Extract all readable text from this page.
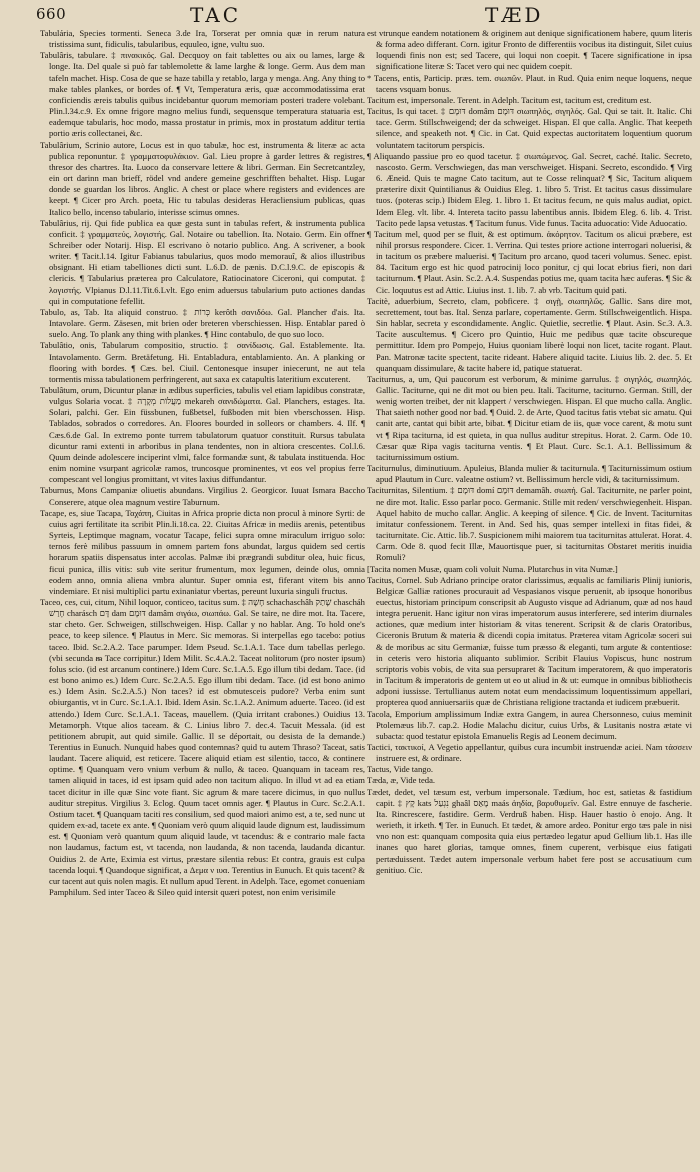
660	TAC	TÆD

Tabulária, Species tormenti. Seneca 3.de Ira, Torserat per omnia quæ in rerum natura tristissima sunt, fidiculis, tabularibus, equuleo, igne, vultu suo.

Tabulâris, tabulare. ‡ πινακικός. Gal. Decquoy on fait tablettes ou aix ou lames, large & longe. Ita. Del quale si può far tablemolette & lame larghe & longe. Germ. Aus dem man tafeln machet. Hisp. Cosa de que se haze tabilla y retablo, larga y menga. Ang. Any thing to make tables plankes, or bordes of. ¶ Vt, Temperatura æris, quæ accommodatissima erat conficiendis æreis tabulis quibus incidebantur quorum memoriam posteri tradere volebant. Plin.l.34.c.9. Ex omne frigore magno melius fundi, sequensque temperatura statuaria est, eademque tabularis, hoc modo, massa prostatur in primis, mox in prostatum additur tertia portio æris collectanei, &c.

Tabulârium, Scrinio autore, Locus est in quo tabulæ, hoc est, instrumenta & literæ ac acta publica reponuntur. ‡ γραμματοφυλάκιον. Gal. Lieu propre à garder lettres & registres, thresor des chartres. Ita. Luoco da conservare lettere & libri. German. Ein Secretcantzley, ein ort darinn man brieff, rödel vnd andere gemeine geschrifften behaltet. Hisp. Lugar donde se guardan los libros. Anglic. A chest or place where registers and evidences are keept. ¶ Cicer pro Arch. poeta, Hic tu tabulas desideras Heracliensium publicas, quas Italico bello, incenso tabulario, interisse scimus omnes.

Tabulârius, rij. Qui fide publica ea quæ gesta sunt in tabulas refert, & instrumenta publica conficit. ‡ γραμματεύς, λογιστής. Gal. Notaire ou tabellion. Ita. Notaio. Germ. Ein offner Schreiber oder Notarij. Hisp. El escrivano ò notario publico. Ang. A scrivener, a book writer. ¶ Tacit.l.14. Igitur Fabianus tabularius, quos modo memorauî, & alios illustribus obsignant. Hi etiam tabelliones dicti sunt. L.6.D. de pænis. D.C.l.9.C. de episcopis & clericis. ¶ Tabularius præterea pro Calculatore, Ratiocinatore Ciceroni, qui computat. ‡ λογιστής. Vlpianus D.l.11.Tit.6.Lvlt. Ego enim aduersus tabularium puto actiones dandas qui in computatione fefellit.

Tabulo, as, Tab. Ita aliquid construo. ‡ כְּרוֹת kerôth σανιδόω. Gal. Plancher d'ais. Ita. Intavolare. Germ. Zäsesen, mit brien oder breteren vberschiessen. Hisp. Entablar pared ò suelo. Ang. To plank any thing with plankes. ¶ Hinc contabulo, de quo suo loco.

Tabulâtio, onis, Tabularum compositio, structio. ‡ σανίδωσις. Gal. Establemente. Ita. Intavolamento. Germ. Bretäfetung. Hi. Entabladura, entablamiento. An. A planking or flooring with bordes. ¶ Cæs. bel. Ciuil. Centonesque insuper iniecerunt, ne aut tela tormentis missa tabulationem perfringerent, aut saxa ex catapultis lateritium excuterent.

Tabulâtum, orum, Dicuntur planæ in ædibus superficies, tabulis vel etiam lapidibus constratæ, vulgus Solaria vocat. ‡ מַעֲלוֹת מְקָרָה mekareh σανιδώματα. Gal. Planchers, estages. Ita. Solari, palchi. Ger. Ein füssbunen, fußbetsel, fußboden mit bien vberschossen. Hisp. Tablados, sobrados o corredores. An. Floores bourded in solleors or chambers. 4. Ilf. ¶ Cæs.6.de Gal. In extremo ponte turrem tabulatorum quatuor constituit. Rursus tabulata dicuntur rami extenti in arboribus in plana tendentes, non in altiora crescentes. Col.l.6. Quum deinde adolescere inciperint vlmi, falce formandæ sunt, & tabulata instituenda. Hoc enim nomine vsurpant agricolæ ramos, truncosque prominentes, vt eos vel propius ferre compescant vel longius promittant, vt vites laxius diffundantur.

Taburnus, Mons Campaniæ oliuetis abundans. Virgilius 2. Georgicor. Iuuat Ismara Baccho Conserere, atque olea magnum vestire Taburnum.

Tacape, es, siue Tacapa, Ταχάπη, Ciuitas in Africa proprie dicta non procul à minore Syrti: de cuius agri fertilitate ita scribit Plin.li.18.ca. 22. Ciuitas Africæ in mediis arenis, petentibus Syrteis, Leptimque magnam, vocatur Tacape, felici supra omne miraculum irriguo solo: ternos ferè milibus passuum in omnem partem fons abundat, largus quidem sed certis horarum spatiis dispensatus inter accolas. Palmæ ibi prægrandi subditur olea, huic ficus, ficui punica, illis vitis: sub vite seritur frumentum, mox legumen, deinde olus, omnia eodem anno, omnia aliena vmbra aluntur. Super omnia est, fiferant vitem bis anno vindemiare. Et nisi multiplici partu exinaniatur vbertas, pereunt luxuria singuli fructus.

Taceo, ces, cui, citum, Nihil loquor, conticeo, tacitus sum. ‡ חָשָׁה schachaschâh שָׁתַק chascháh חָרַשׁ charásch דָּם dam דּוּמָם damâm σιγάω, σιωπάω. Gal. Se taire, ne dire mot. Ita. Tacere, star cheto. Ger. Schweigen, stillschweigen. Hisp. Callar y no hablar. Ang. To hold one's peace, to keep silence. ¶ Plautus in Merc. Sic memoras. Si interpellas ego tacebo: potius taceo. Ibid. Sc.2.A.2. Tace parumper. Idem Pseud. Sc.1.A.1. Tace dum tabellas perlego. (vbi secunda ᵯ Tace corripitur.) Idem Milit. Sc.4.A.2. Taceat nolitorum (pro noster ipsum) folus scio. (id est arcanum continere.) Idem Curc. Sc.1.A.5. Ego illum tibi dedam. Tace. (id est bono animo es.) Idem Curc. Sc.2.A.5. Ego illum tibi dedam. Tace. (id est bono animo es.) Idem Asin. Sc.2.A.5.) Non taces? id est obmutesceis pudore? Verba enim sunt obiurgantis, vt in Curc. Sc.1.A.1. Ibid. Idem Asin. Sc.1.A.2. Animum aduerte. Taceo. (id est attendo.) Idem Curc. Sc.1.A.1. Taceas, mauellem. (Quia irritant crabones.) Ouidius 13. Metamorph. Vtque alios taceam. & C. Linius libro 7. dec.4. Tacuit Messala. (id est petitionem abrupit, aut quid simile. Gallic. Il se déportait, ou desista de la demande.) Terentius in Eunuch. Nunquid habes quod contemnas? quid tu autem Thraso? Taceat, satis laudant. Tacere aliquid, est reticere. Tacere aliquid etiam est silentio, tacco, & continere optime. ¶ Quanquam vero vnium verbum & nullo, & taceo. Quanquam in taceam res, tamen aliquid in taces, id est ipsam quid adeo non tacitum aliquo. In illud vt ad ea etiam tacet dicitur in ille quæ Sinc vote fiant. Sic agrum & mare tacere dicimus, in quo nullus auditur strepitus. Virgilius 3. Eclog. Quum tacet omnis ager. ¶ Plautus in Curc. Sc.2.A.1. Ostium tacet. ¶ Quanquam taciti res consilium, sed quod maiori animo est, a te, sed nunc ut quidem ex-ad, tacete ex ante. ¶ Quoniam verò quum aliquid laude dignum est, laudissimum est. ¶ Quoniam verò quantum quum aliquid laude, vt tacendus: & e contrario male facta non laudamus, factum est, vt tacenda, non laudanda, & non tacenda, laudanda dicantur. Ouidius 2. de Arte, Eximia est virtus, præstare silentia rebus: Et contra, grauis est culpa tacenda loqui. ¶ Quandoque significat, a Δεμα ν ιυα. Terentius in Eunuch. Et quis tacent? & cur tacent aut quis nolen magis. Et nullum apud Terent. in Adelph. Tace, egomet conueniam Pamphilum. Sed inter Taceo & Sileo quid intersit quæri potest, non enim verisimile

est vtrunque eandem notationem & originem aut denique significationem habere, quum literis & forma adeo differant. Corn. igitur Fronto de differentiis vocibus ita distinguit, Silet cuius loquendi finis non est; sed Tacere, qui loqui non coepit. ¶ Tacere significatione in ipsa significatione literæ S: Tacet vero qui nec quidem coepit.

* Tacens, entis, Particip. præs. tem. σιωπῶν. Plaut. in Rud. Quia enim neque loquens, neque tacens vsquam bonus.

Tacitum est, impersonale. Terent. in Adelph. Tacitum est, tacitum est, creditum est.

Tacitus, Is qui tacet. ‡ דּוּמָם domâm דּוּמָם σιωπηλός, σιγηλός. Gal. Qui se tait. It. Italic. Chi tace. Germ. Stillschweigend; der da schweiget. Hispan. El que calla. Anglic. That keepeth silence, and speaketh not. ¶ Cic. in Cat. Quid expectas auctoritatem loquentium quorum voluntatem tacitorum perspicis.

¶ Aliquando passiue pro eo quod tacetur. ‡ σιωπώμενος. Gal. Secret, caché. Italic. Secreto, nascosto. Germ. Verschwiegen, das man verschweiget. Hispani. Secreto, escondido. ¶ Virg 6. Æneid. Quis te magne Cato tacitum, aut te Cosse relinquat? ¶ Sic, Tacitum aliquem præterire dixit Quintilianus & Ouidius Eleg. 1. libro 5. Trist. Et tacitus casus dissimulare tuos. (poteras scip.) Ibidem Eleg. 1. libro 1. Et tacitus fecum, ne quis malus audiat, opict. Idem Eleg. vlt. libr. 4. Intereta tacito passu labentibus annis. Ibidem Eleg. 6. lib. 4. Trist. Tacito pede lapsa vetustas. ¶ Tacitum funus. Vide funus. Tacita aduocatio: Vide Aduocatio.

¶ Tacitum mel, quod per se fluit, & est optimum. ἀκόρητον. Tacitum os alicui præbere, est nihil prorsus respondere. Cicer. 1. Verrina. Qui testes priore actione interrogari noluerisi, & in tacitum os præbere maluerisi. ¶ Tacitum pro arcano, quod taceri volumus. Senec. epist. 84. Tacitum ergo est hic quod patrocinij loco ponitur, cj qui locat ebrius fieri, non dari taciturnum. ¶ Plaut. Asin. Sc.2. A.4. Suspendas potius me, quam tacita hæc auferas. ¶ Sic & Cic. loquutus est ad Attic. Liuius inst. 1. lib. 7. ab vrb. Tacitum quid pati.

Tacitè, aduerbium, Secreto, clam, pobficere. ‡ σιγῇ, σιωπηλῶς. Gallic. Sans dire mot, secrettement, tout bas. Ital. Senza parlare, copertamente. Germ. Stillschweigentlich. Hispa. Sin hablar, secreta y escondidamente. Anglic. Quietlie, secretlie. ¶ Plaut. Asin. Sc.3. A.3. Tacite auscultemus. ¶ Cicero pro Quintio, Huic me pedibus quæ tacite obscureque permittitur. Idem pro Pompejo, Huius quoniam liberè loqui non licet, tacite rogant. Plaut. Pan. Matronæ tacite spectent, tacite rideant. Habere aliquid tacite. Liuius lib. 2. dec. 5. Et quanquam dissimulare, & tacite habere id, patique statuerat.

Taciturnus, a, um, Qui paucorum est verborum, & minime garrulus. ‡ σιγηλός, σιωπηλός. Gallic. Taciturne, qui ne dit mot ou bien peu. Itali. Taciturne, taciturno. German. Still, der wenig worten treibet, der nit klappert / verschwiegen. Hispan. El que mucho calla. Anglic. That saieth nother good nor bad. ¶ Ouid. 2. de Arte, Quod tacitus fatis vtebat sic amatu. Qui canit arte, cantat qui bibit arte, bibat. ¶ Dicitur etiam de iis, quæ voce carent, & motu sunt vt ¶ Ripa taciturna, id est quieta, in qua nullus auditur strepitus. Horat. 2. Carm. Ode 10. Cæsar quæ Ripa vagis taciturna ventis. ¶ Et Plaut. Curc. Sc.1. A.1. Bellissimum & taciturnissimum ostium.

Taciturnulus, diminutiuum. Apuleius, Blanda mulier & taciturnula. ¶ Taciturnissimum ostium apud Plautum in Curc. valeatne ostium? vt. Bellissimum hercle vidi, & taciturnissimum.

Taciturnitas, Silentium. ‡ דּוּמָם domí דּוּמָם demamâh. σιωπή. Gal. Taciturnite, ne parler point, ne dire mot. Italic. Esso parlar poco. Germanic. Stille mit reden/ verschwiegenheit. Hispan. Aquel habito de mucho callar. Anglic. A keeping of silence. ¶ Cic. de Invent. Taciturnitas imitatur confessionem. Terent. in And. Sed his, quas semper intellexi in fitas fidei, & taciturnitate. Cic. Attic. lib.7. Suspicionem mihi maiorem tua taciturnitas attulerat. Horat. 4. Carm. Ode 8. quod fecit Illæ, Mauortisque puer, si taciturnitas Obstaret meritis inuidia Romuli?

[Tacita nomen Musæ, quam coli voluit Numa. Plutarchus in vita Numæ.]

Tacitus, Cornel. Sub Adriano principe orator clarissimus, æqualis ac familiaris Plinij iunioris, Belgicæ Galliæ rationes procurauit ad Vespasianos visque peruenit, ab ipsoque honoribus euectus, historiam principum conscripsit ab Augusto visque ad Adrianum, quæ ad nos haud integra peruenit. Hanc igitur non viras imperatorum ausus interferere, sed interim diurnales actiones, quæ medium inter historiam & vitas tenerent. Scripsit & de claris Oratoribus, Ciceronis Brutum & materia & dicendi copia imitatus. Præterea vitam Agricolæ soceri sui & de moribus ac situ Germaniæ, fuisse tum præsso & eleganti, tum argute & contentiose: in ceteris vero historia aliquanto sublimior. Scribit Flauius Vopiscus, hunc nostrum scriptoris vobis vobis, de vita sua persupraret & Tacitum imperatorem, & quo imperatoris in Tacitum & imperatoris de gentem ut eo ut aliud in & ut: eumque in omnibus bibliothecis adponi iussisse. Tertullianus autem notat eum mendacissimum loquentissimum appellari, propterea quod anniuersariis quæ de Christiana religione tractanda et iudicem præbuerit.

Tacola, Emporium amplissimum Indiæ extra Gangem, in aurea Chersonneso, cuius meminit Ptolemæus lib.7. cap.2. Hodie Malachu dicitur, cuius Urbs, & Lusitanis nostra ætate vi subacta: quod testatur epistola Emanuelis Regis ad Leonem decimum.

Tactici, τακτικοί, A Vegetio appellantur, quibus cura incumbit instruendæ aciei. Nam τάσσειν instruere est, & ordinare.

Tactus, Vide tango.

Tæda, æ, Vide teda.

Tædet, dedet, vel tæsum est, verbum impersonale. Tædium, hoc est, satietas & fastidium capit. ‡ קָץ kats נִגְעַל ghaâl מָאַס maás ἀηδία, βαρυθυμεῖν. Gal. Estre ennuye de fascherie. Ita. Rincrescere, fastidire. Germ. Verdruß haben. Hisp. Hauer hastio ò enojo. Ang. It werieth, it irketh. ¶ Ter. in Eunuch. Et tædet, & amore ardeo. Ponitur ergo tæs pale in nisi vno non est: quanquam composita quia eius pertædeo legatur apud Gellium lib.1. Has ille inanes quo haret glorias, tamque omnes, finem cuperent, verbisque eius fatigati pertæduissent. Tædet autem impersonale verbum habet fere post se accusatiuum cum genitiuo. Cic.
